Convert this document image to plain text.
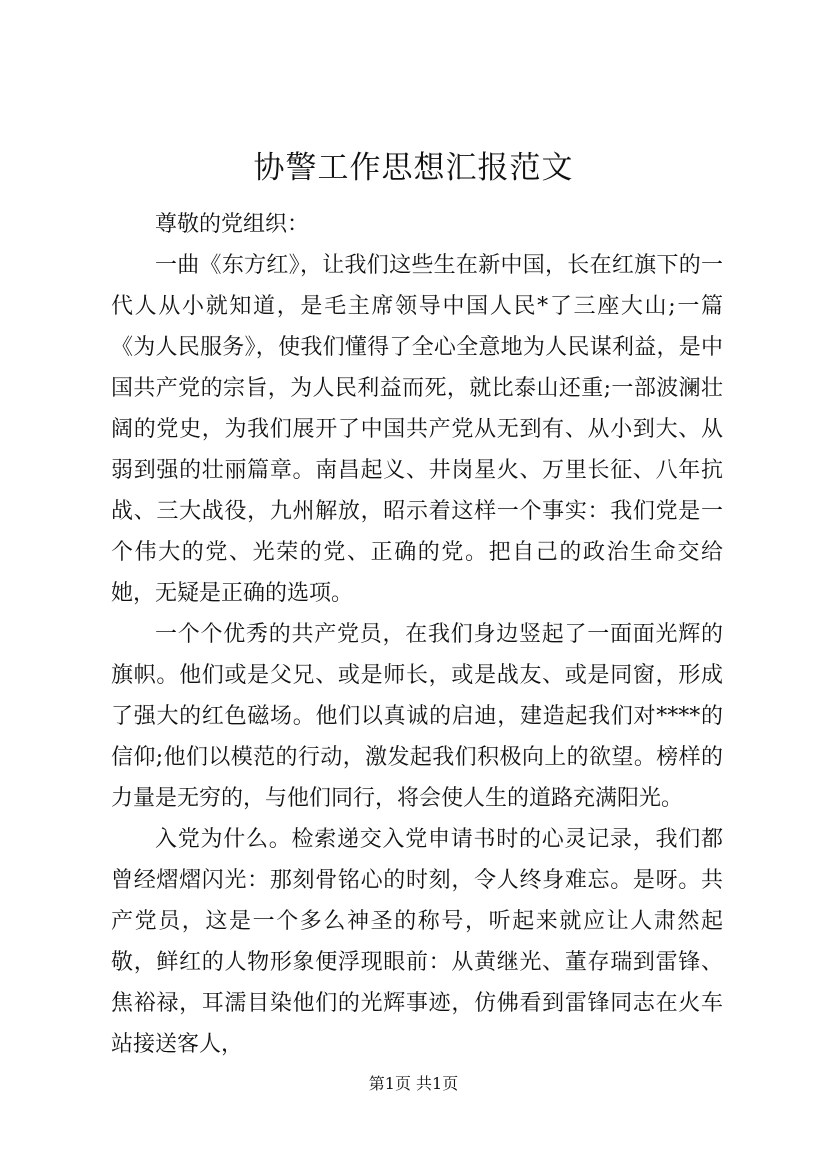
协警工作思想汇报范文

尊敬的党组织：

一曲《东方红》，让我们这些生在新中国，长在红旗下的一代人从小就知道，是毛主席领导中国人民*了三座大山;一篇《为人民服务》，使我们懂得了全心全意地为人民谋利益，是中国共产党的宗旨，为人民利益而死，就比泰山还重;一部波澜壮阔的党史，为我们展开了中国共产党从无到有、从小到大、从弱到强的壮丽篇章。南昌起义、井岗星火、万里长征、八年抗战、三大战役，九州解放，昭示着这样一个事实：我们党是一个伟大的党、光荣的党、正确的党。把自己的政治生命交给她，无疑是正确的选项。

一个个优秀的共产党员，在我们身边竖起了一面面光辉的旗帜。他们或是父兄、或是师长，或是战友、或是同窗，形成了强大的红色磁场。他们以真诚的启迪，建造起我们对****的信仰;他们以模范的行动，激发起我们积极向上的欲望。榜样的力量是无穷的，与他们同行，将会使人生的道路充满阳光。

入党为什么。检索递交入党申请书时的心灵记录，我们都曾经熠熠闪光：那刻骨铭心的时刻，令人终身难忘。是呀。共产党员，这是一个多么神圣的称号，听起来就应让人肃然起敬，鲜红的人物形象便浮现眼前：从黄继光、董存瑞到雷锋、焦裕禄，耳濡目染他们的光辉事迹，仿佛看到雷锋同志在火车站接送客人，

第1页 共1页
